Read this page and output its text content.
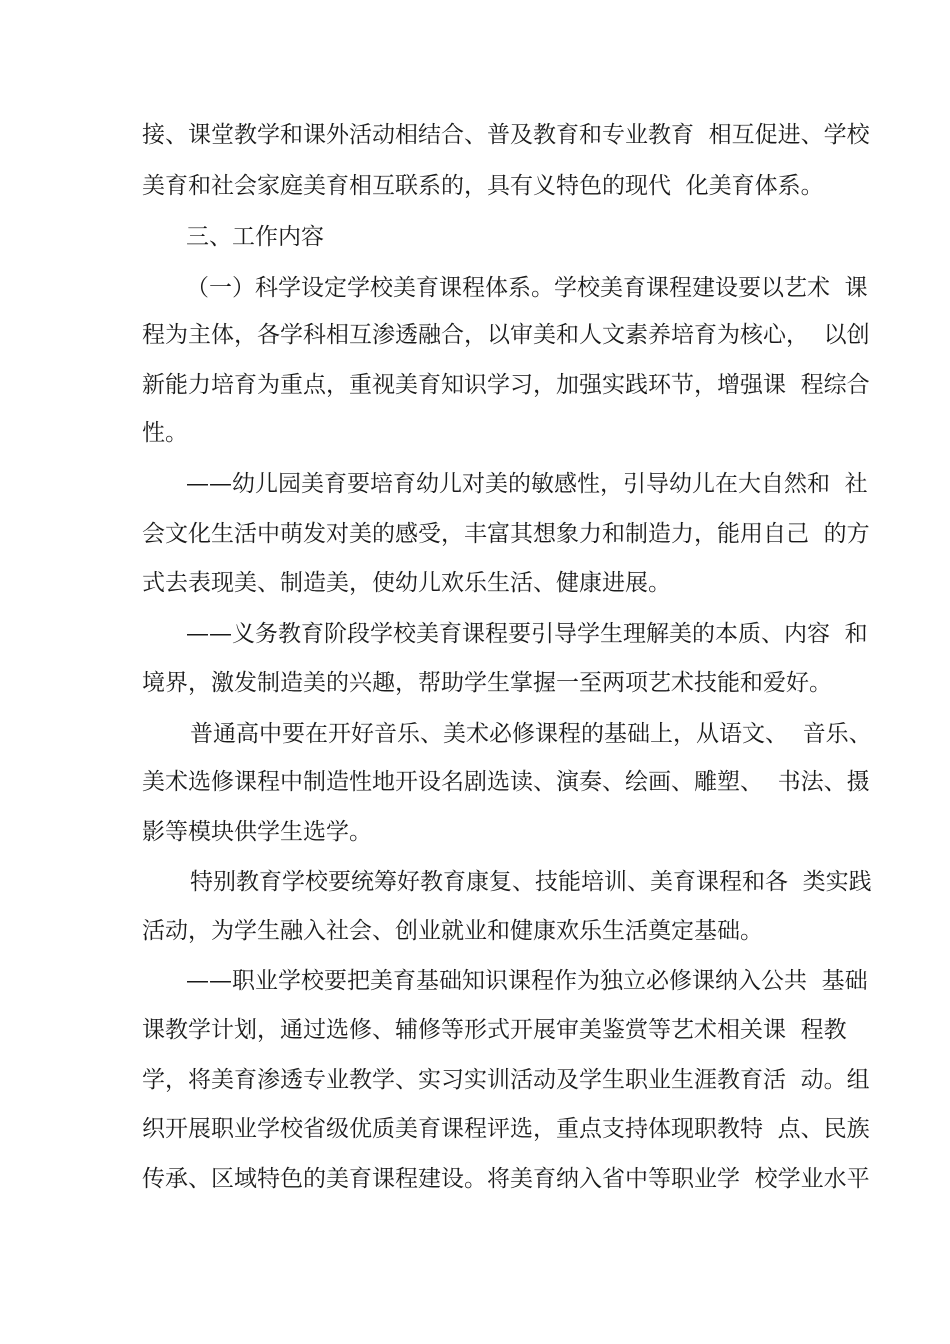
接、课堂教学和课外活动相结合、普及教育和专业教育  相互促进、学校
美育和社会家庭美育相互联系的，具有义特色的现代  化美育体系。
三、工作内容
（一）科学设定学校美育课程体系。学校美育课程建设要以艺术  课
程为主体，各学科相互渗透融合，以审美和人文素养培育为核心，  以创
新能力培育为重点，重视美育知识学习，加强实践环节，增强课  程综合
性。
——幼儿园美育要培育幼儿对美的敏感性，引导幼儿在大自然和  社
会文化生活中萌发对美的感受，丰富其想象力和制造力，能用自己  的方
式去表现美、制造美，使幼儿欢乐生活、健康进展。
——义务教育阶段学校美育课程要引导学生理解美的本质、内容  和
境界，激发制造美的兴趣，帮助学生掌握一至两项艺术技能和爱好。
普通高中要在开好音乐、美术必修课程的基础上，从语文、  音乐、
美术选修课程中制造性地开设名剧选读、演奏、绘画、雕塑、  书法、摄
影等模块供学生选学。
特别教育学校要统筹好教育康复、技能培训、美育课程和各  类实践
活动，为学生融入社会、创业就业和健康欢乐生活奠定基础。
——职业学校要把美育基础知识课程作为独立必修课纳入公共  基础
课教学计划，通过选修、辅修等形式开展审美鉴赏等艺术相关课  程教
学，将美育渗透专业教学、实习实训活动及学生职业生涯教育活  动。组
织开展职业学校省级优质美育课程评选，重点支持体现职教特  点、民族
传承、区域特色的美育课程建设。将美育纳入省中等职业学  校学业水平
